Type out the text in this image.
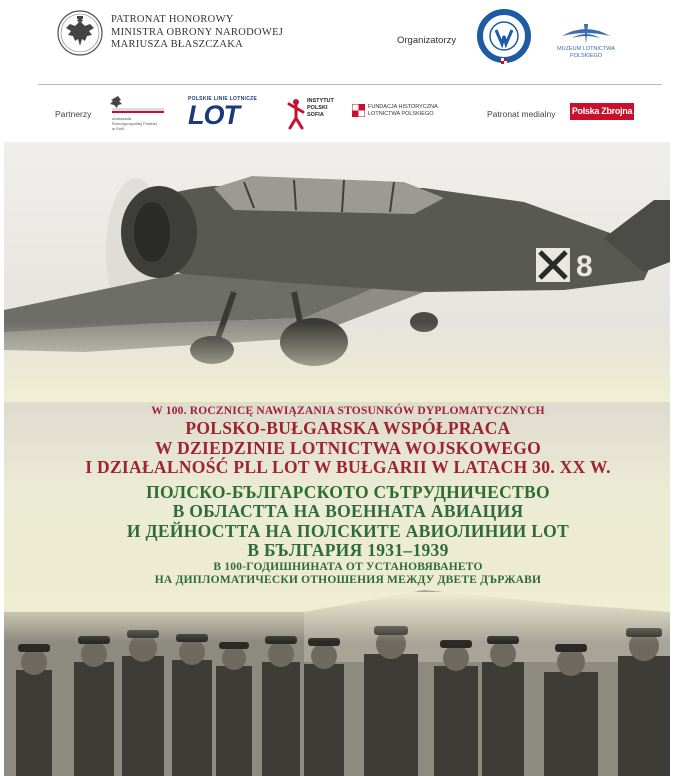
PATRONAT HONOROWY
MINISTRA OBRONY NARODOWEJ
MARIUSZA BŁASZCZAKA	Organizatorzy
MUZEUM LOTNICTWA
POLSKIEGO
Partnerzy	Ambasada
Rzeczypospolitej Polskiej
w Sofii
POLSKIE LINIE LOTNICZE
LOT	INSTYTUT
POLSKI
SOFIA
FUNDACJA HISTORYCZNA
LOTNICTWA POLSKIEGO	Patronat medialny Polska Zbrojna
8
W 100. ROCZNICĘ NAWIĄZANIA STOSUNKÓW DYPLOMATYCZNYCH
POLSKO-BUŁGARSKA WSPÓŁPRACA
W DZIEDZINIE LOTNICTWA WOJSKOWEGO
I DZIAŁALNOŚĆ PLL LOT W BUŁGARII W LATACH 30. XX W.
ПОЛСКО-БЪЛГАРСКОТО СЪТРУДНИЧЕСТВО
В ОБЛАСТТА НА ВОЕННАТА АВИАЦИЯ
И ДЕЙНОСТТА НА ПОЛСКИТЕ АВИОЛИНИИ LOT
В БЪЛГАРИЯ 1931–1939
В 100-ГОДИШНИНАТА ОТ УСТАНОВЯВАНЕТО
НА ДИПЛОМАТИЧЕСКИ ОТНОШЕНИЯ МЕЖДУ ДВЕТЕ ДЪРЖАВИ
